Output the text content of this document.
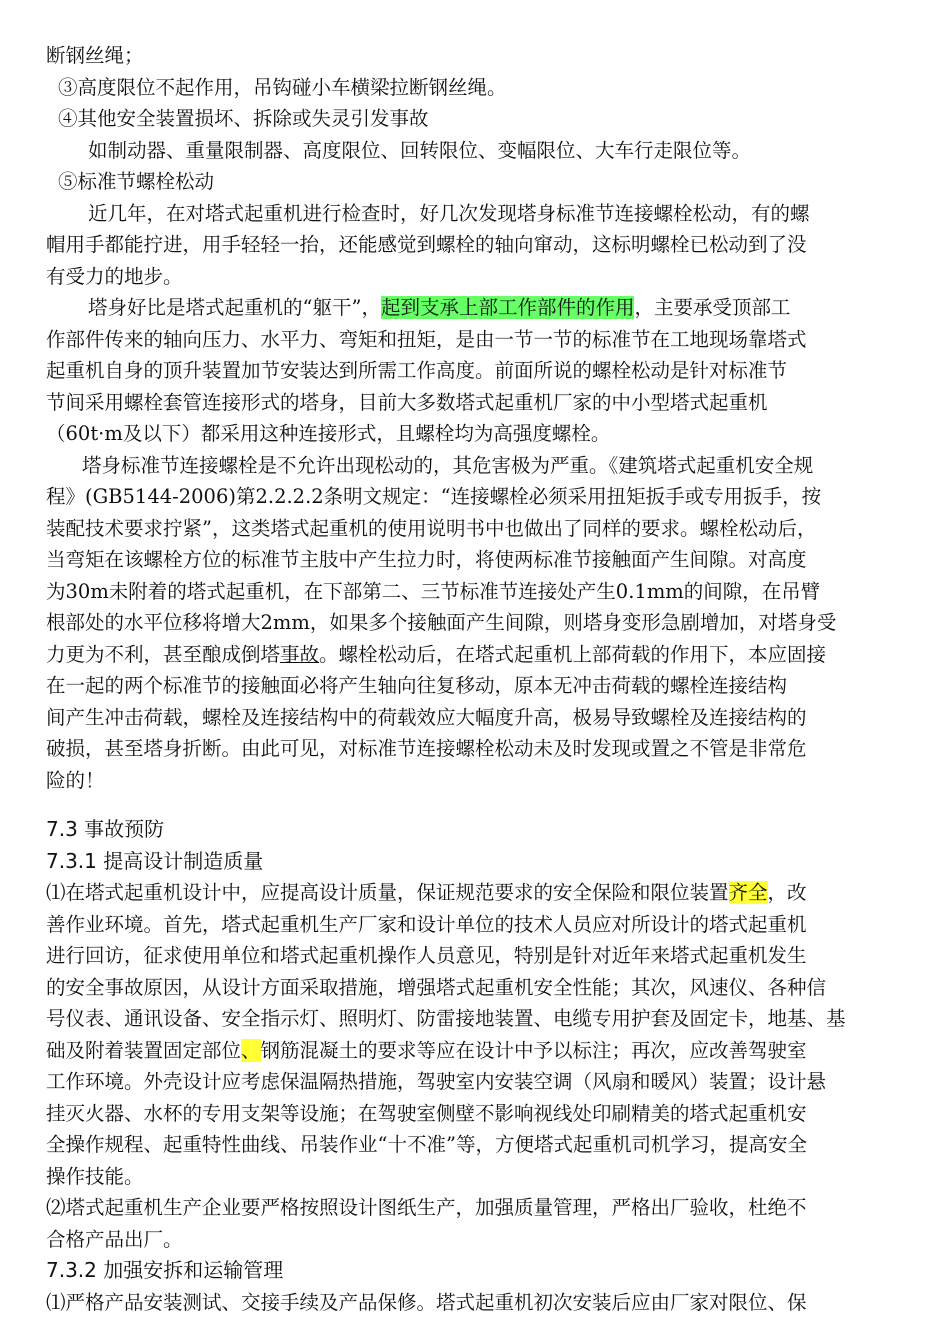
断钢丝绳；
③高度限位不起作用，吊钩碰小车横梁拉断钢丝绳。
④其他安全装置损坏、拆除或失灵引发事故
如制动器、重量限制器、高度限位、回转限位、变幅限位、大车行走限位等。
⑤标准节螺栓松动
近几年，在对塔式起重机进行检查时，好几次发现塔身标准节连接螺栓松动，有的螺
帽用手都能拧进，用手轻轻一抬，还能感觉到螺栓的轴向窜动，这标明螺栓已松动到了没
有受力的地步。
塔身好比是塔式起重机的“躯干”，起到支承上部工作部件的作用，主要承受顶部工
作部件传来的轴向压力、水平力、弯矩和扭矩，是由一节一节的标准节在工地现场靠塔式
起重机自身的顶升装置加节安装达到所需工作高度。前面所说的螺栓松动是针对标准节
节间采用螺栓套管连接形式的塔身，目前大多数塔式起重机厂家的中小型塔式起重机
（60t·m及以下）都采用这种连接形式，且螺栓均为高强度螺栓。
塔身标准节连接螺栓是不允许出现松动的，其危害极为严重。《建筑塔式起重机安全规
程》(GB5144-2006)第2.2.2.2条明文规定：“连接螺栓必须采用扭矩扳手或专用扳手，按
装配技术要求拧紧”，这类塔式起重机的使用说明书中也做出了同样的要求。螺栓松动后，
当弯矩在该螺栓方位的标准节主肢中产生拉力时，将使两标准节接触面产生间隙。对高度
为30m未附着的塔式起重机，在下部第二、三节标准节连接处产生0.1mm的间隙，在吊臂
根部处的水平位移将增大2mm，如果多个接触面产生间隙，则塔身变形急剧增加，对塔身受
力更为不利，甚至酿成倒塔事故。螺栓松动后，在塔式起重机上部荷载的作用下，本应固接
在一起的两个标准节的接触面必将产生轴向往复移动，原本无冲击荷载的螺栓连接结构
间产生冲击荷载，螺栓及连接结构中的荷载效应大幅度升高，极易导致螺栓及连接结构的
破损，甚至塔身折断。由此可见，对标准节连接螺栓松动未及时发现或置之不管是非常危
险的！
7.3 事故预防
7.3.1 提高设计制造质量
⑴在塔式起重机设计中，应提高设计质量，保证规范要求的安全保险和限位装置齐全，改
善作业环境。首先，塔式起重机生产厂家和设计单位的技术人员应对所设计的塔式起重机
进行回访，征求使用单位和塔式起重机操作人员意见，特别是针对近年来塔式起重机发生
的安全事故原因，从设计方面采取措施，增强塔式起重机安全性能；其次，风速仪、各种信
号仪表、通讯设备、安全指示灯、照明灯、防雷接地装置、电缆专用护套及固定卡，地基、基
础及附着装置固定部位、钢筋混凝土的要求等应在设计中予以标注；再次，应改善驾驶室
工作环境。外壳设计应考虑保温隔热措施，驾驶室内安装空调（风扇和暖风）装置；设计悬
挂灭火器、水杯的专用支架等设施；在驾驶室侧壁不影响视线处印刷精美的塔式起重机安
全操作规程、起重特性曲线、吊装作业“十不准”等，方便塔式起重机司机学习，提高安全
操作技能。
⑵塔式起重机生产企业要严格按照设计图纸生产，加强质量管理，严格出厂验收，杜绝不
合格产品出厂。
7.3.2 加强安拆和运输管理
⑴严格产品安装测试、交接手续及产品保修。塔式起重机初次安装后应由厂家对限位、保
